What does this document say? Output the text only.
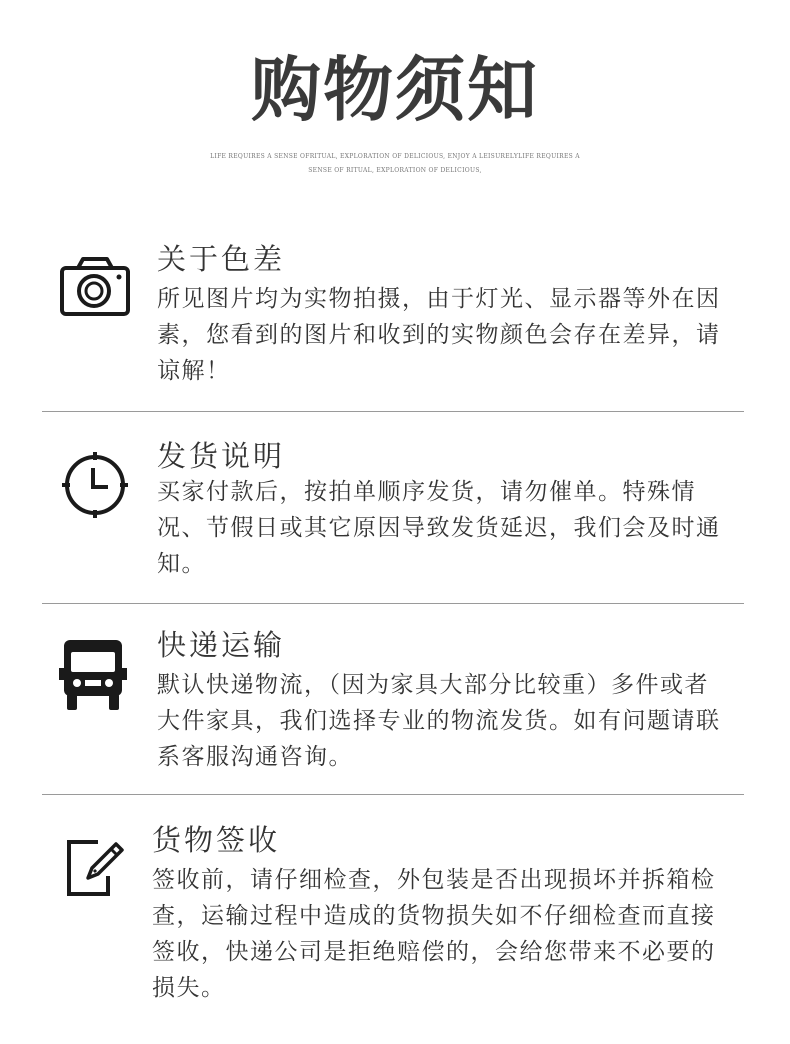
购物须知
LIFE REQUIRES A SENSE OFRITUAL, EXPLORATION OF DELICIOUS, ENJOY A LEISURELYLIFE REQUIRES A SENSE OF RITUAL, EXPLORATION OF DELICIOUS,
关于色差
所见图片均为实物拍摄，由于灯光、显示器等外在因素，您看到的图片和收到的实物颜色会存在差异，请谅解！
发货说明
买家付款后，按拍单顺序发货，请勿催单。特殊情况、节假日或其它原因导致发货延迟，我们会及时通知。
快递运输
默认快递物流，（因为家具大部分比较重）多件或者大件家具，我们选择专业的物流发货。如有问题请联系客服沟通咨询。
货物签收
签收前，请仔细检查，外包装是否出现损坏并拆箱检查，运输过程中造成的货物损失如不仔细检查而直接签收，快递公司是拒绝赔偿的，会给您带来不必要的损失。
